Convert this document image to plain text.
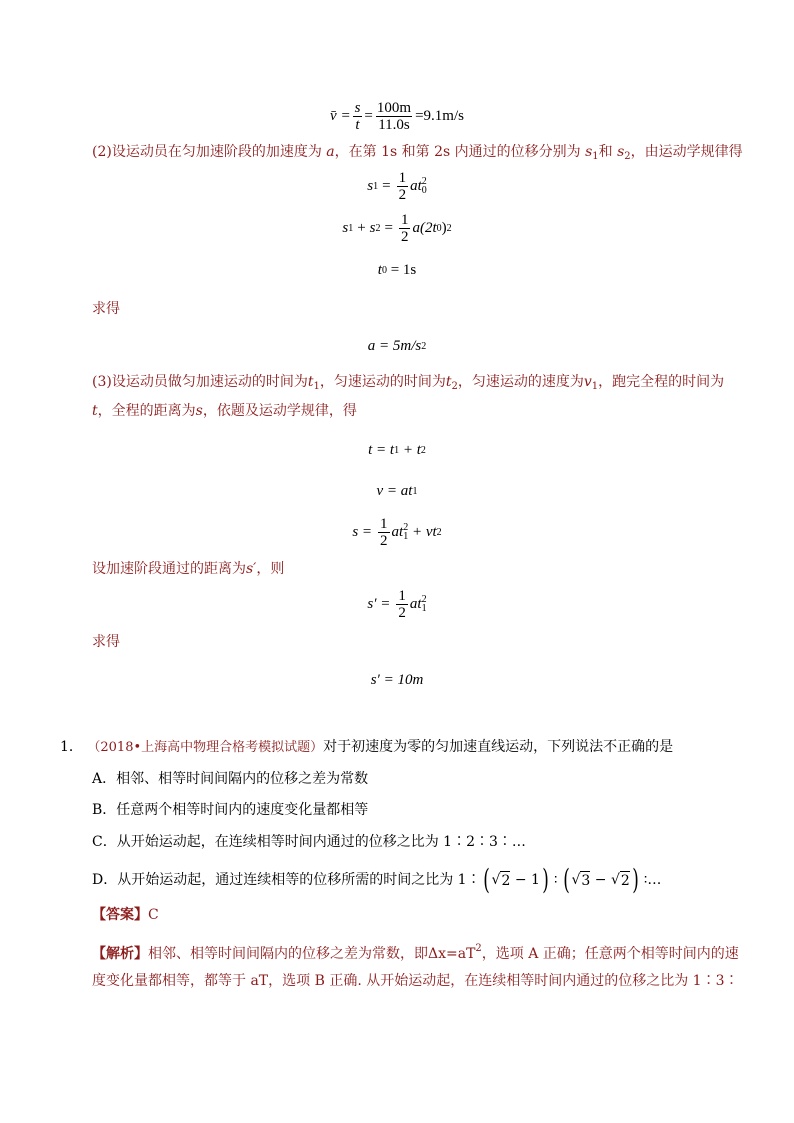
v̄ = $\frac{s}{t} = \frac{100m}{11.0s} =9.1m/s$
(2)设运动员在匀加速阶段的加速度为 a，在第 1s 和第 2s 内通过的位移分别为 $s_1$和 $s_2$，由运动学规律得
s $1 = \frac{1}{2}$ at 2
0
s 1 + s $2 = \frac{1}{2} a(2t$ 0 ) 2
t 0 = 1s
求得
a = 5m/s 2
(3)设运动员做匀加速运动的时间为$t_1$，匀速运动的时间为$t_2$，匀速运动的速度为$v_1$，跑完全程的时间为
t，全程的距离为s，依题及运动学规律，得
t = t 1 + t 2
v = at 1
$s = \frac{1}{2}$ at 2
1 + vt 2
设加速阶段通过的距离为s′，则
$s' = \frac{1}{2}$ at 2
1
求得
s′ = 10m
1． （2018•上海高中物理合格考模拟试题）对于初速度为零的匀加速直线运动，下列说法不正确的是
A．相邻、相等时间间隔内的位移之差为常数
B．任意两个相等时间内的速度变化量都相等
C．从开始运动起，在连续相等时间内通过的位移之比为 1∶2∶3∶…
D． 从开始运动起，通过连续相等的位移所需的时间之比为 1∶ ( √ 2 − 1 ) ∶ ( √ 3 − √ 2 ) ∶…
【答案】C
【解析】相邻、相等时间间隔内的位移之差为常数，即$\Delta x=aT^2$，选项 A 正确；任意两个相等时间内的速
度变化量都相等，都等于 aT，选项 B 正确. 从开始运动起，在连续相等时间内通过的位移之比为 1∶3∶
